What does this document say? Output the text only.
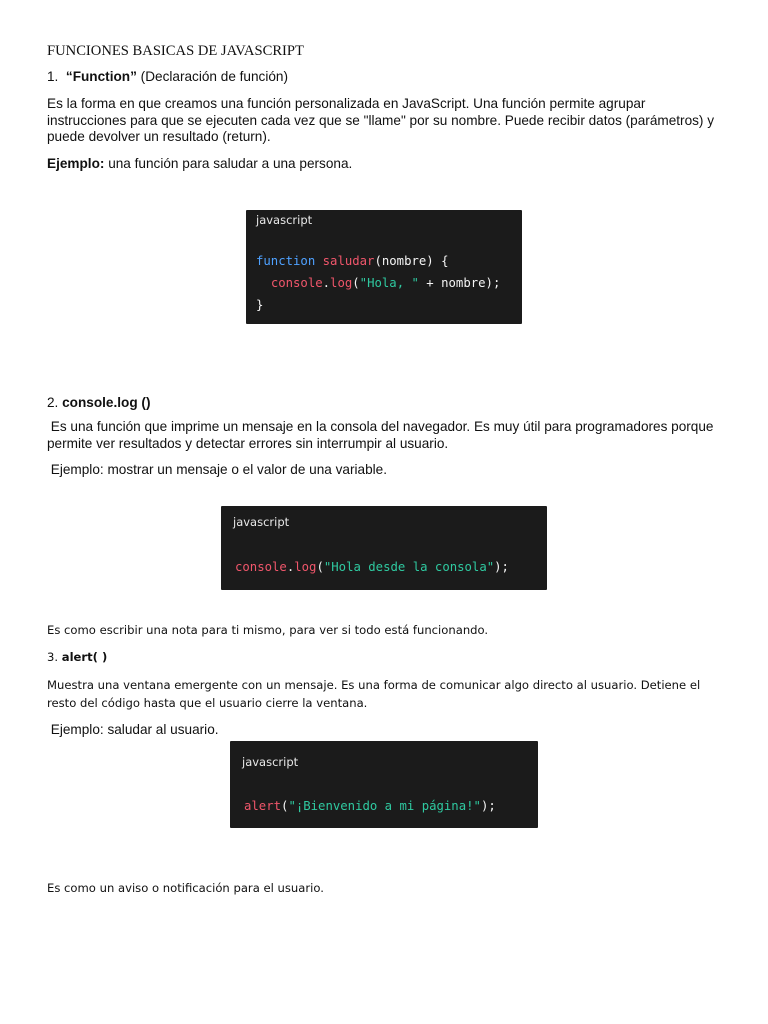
FUNCIONES BASICAS DE JAVASCRIPT
1. “Function” (Declaración de función)
Es la forma en que creamos una función personalizada en JavaScript. Una función permite agrupar instrucciones para que se ejecuten cada vez que se "llame" por su nombre. Puede recibir datos (parámetros) y puede devolver un resultado (return).
Ejemplo: una función para saludar a una persona.
javascript
function saludar(nombre) {
console.log("Hola, " + nombre);
}
2. console.log ()
Es una función que imprime un mensaje en la consola del navegador. Es muy útil para programadores porque permite ver resultados y detectar errores sin interrumpir al usuario.
Ejemplo: mostrar un mensaje o el valor de una variable.
javascript
console.log("Hola desde la consola");
Es como escribir una nota para ti mismo, para ver si todo está funcionando.
3. alert( )
Muestra una ventana emergente con un mensaje. Es una forma de comunicar algo directo al usuario. Detiene el resto del código hasta que el usuario cierre la ventana.
Ejemplo: saludar al usuario.
javascript
alert("¡Bienvenido a mi página!");
Es como un aviso o notificación para el usuario.
